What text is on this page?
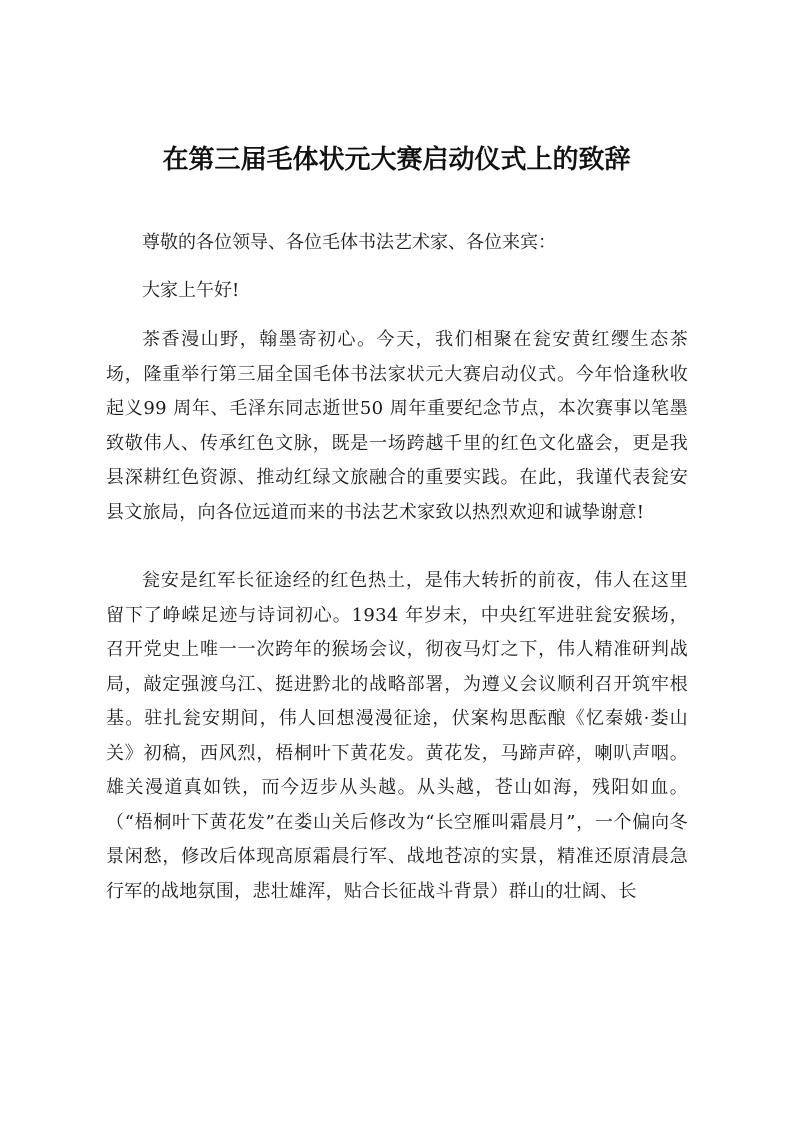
在第三届毛体状元大赛启动仪式上的致辞

尊敬的各位领导、各位毛体书法艺术家、各位来宾：

大家上午好!

茶香漫山野，翰墨寄初心。今天，我们相聚在瓮安黄红缨生态茶场，隆重举行第三届全国毛体书法家状元大赛启动仪式。今年恰逢秋收起义99 周年、毛泽东同志逝世50 周年重要纪念节点，本次赛事以笔墨致敬伟人、传承红色文脉，既是一场跨越千里的红色文化盛会，更是我县深耕红色资源、推动红绿文旅融合的重要实践。在此，我谨代表瓮安县文旅局，向各位远道而来的书法艺术家致以热烈欢迎和诚挚谢意!

瓮安是红军长征途经的红色热土，是伟大转折的前夜，伟人在这里留下了峥嵘足迹与诗词初心。1934 年岁末，中央红军进驻瓮安猴场，召开党史上唯一一次跨年的猴场会议，彻夜马灯之下，伟人精准研判战局，敲定强渡乌江、挺进黔北的战略部署，为遵义会议顺利召开筑牢根基。驻扎瓮安期间，伟人回想漫漫征途，伏案构思酝酿《忆秦娥·娄山关》初稿，西风烈，梧桐叶下黄花发。黄花发，马蹄声碎，喇叭声咽。雄关漫道真如铁，而今迈步从头越。从头越，苍山如海，残阳如血。（“梧桐叶下黄花发”在娄山关后修改为“长空雁叫霜晨月”，一个偏向冬景闲愁，修改后体现高原霜晨行军、战地苍凉的实景，精准还原清晨急行军的战地氛围，悲壮雄浑，贴合长征战斗背景）群山的壮阔、长
